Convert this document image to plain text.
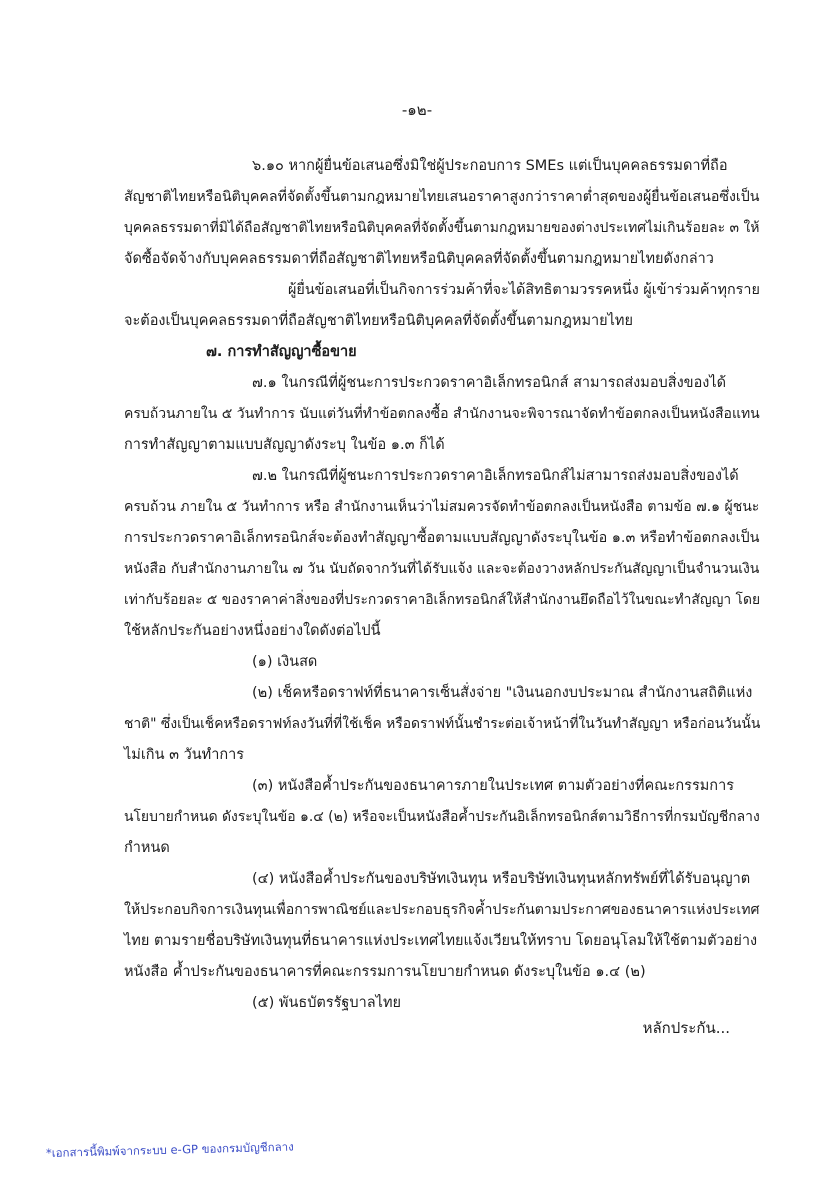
-๑๒-
๖.๑๐ หากผู้ยื่นข้อเสนอซึ่งมิใช่ผู้ประกอบการ SMEs แต่เป็นบุคคลธรรมดาที่ถือ
สัญชาติไทยหรือนิติบุคคลที่จัดตั้งขึ้นตามกฎหมายไทยเสนอราคาสูงกว่าราคาต่ำสุดของผู้ยื่นข้อเสนอซึ่งเป็น
บุคคลธรรมดาที่มิได้ถือสัญชาติไทยหรือนิติบุคคลที่จัดตั้งขึ้นตามกฎหมายของต่างประเทศไม่เกินร้อยละ ๓ ให้
จัดซื้อจัดจ้างกับบุคคลธรรมดาที่ถือสัญชาติไทยหรือนิติบุคคลที่จัดตั้งขึ้นตามกฎหมายไทยดังกล่าว
ผู้ยื่นข้อเสนอที่เป็นกิจการร่วมค้าที่จะได้สิทธิตามวรรคหนึ่ง ผู้เข้าร่วมค้าทุกราย
จะต้องเป็นบุคคลธรรมดาที่ถือสัญชาติไทยหรือนิติบุคคลที่จัดตั้งขึ้นตามกฎหมายไทย
๗. การทำสัญญาซื้อขาย
๗.๑ ในกรณีที่ผู้ชนะการประกวดราคาอิเล็กทรอนิกส์ สามารถส่งมอบสิ่งของได้
ครบถ้วนภายใน ๕ วันทำการ นับแต่วันที่ทำข้อตกลงซื้อ สำนักงานจะพิจารณาจัดทำข้อตกลงเป็นหนังสือแทน
การทำสัญญาตามแบบสัญญาดังระบุ ในข้อ ๑.๓ ก็ได้
๗.๒ ในกรณีที่ผู้ชนะการประกวดราคาอิเล็กทรอนิกส์ไม่สามารถส่งมอบสิ่งของได้
ครบถ้วน ภายใน ๕ วันทำการ หรือ สำนักงานเห็นว่าไม่สมควรจัดทำข้อตกลงเป็นหนังสือ ตามข้อ ๗.๑ ผู้ชนะ
การประกวดราคาอิเล็กทรอนิกส์จะต้องทำสัญญาซื้อตามแบบสัญญาดังระบุในข้อ ๑.๓ หรือทำข้อตกลงเป็น
หนังสือ กับสำนักงานภายใน ๗ วัน นับถัดจากวันที่ได้รับแจ้ง และจะต้องวางหลักประกันสัญญาเป็นจำนวนเงิน
เท่ากับร้อยละ ๕ ของราคาค่าสิ่งของที่ประกวดราคาอิเล็กทรอนิกส์ให้สำนักงานยึดถือไว้ในขณะทำสัญญา โดย
ใช้หลักประกันอย่างหนึ่งอย่างใดดังต่อไปนี้
(๑) เงินสด
(๒) เช็คหรือดราฟท์ที่ธนาคารเซ็นสั่งจ่าย "เงินนอกงบประมาณ สำนักงานสถิติแห่ง
ชาติ" ซึ่งเป็นเช็คหรือดราฟท์ลงวันที่ที่ใช้เช็ค หรือดราฟท์นั้นชำระต่อเจ้าหน้าที่ในวันทำสัญญา หรือก่อนวันนั้น
ไม่เกิน ๓ วันทำการ
(๓) หนังสือค้ำประกันของธนาคารภายในประเทศ ตามตัวอย่างที่คณะกรรมการ
นโยบายกำหนด ดังระบุในข้อ ๑.๔ (๒) หรือจะเป็นหนังสือค้ำประกันอิเล็กทรอนิกส์ตามวิธีการที่กรมบัญชีกลาง
กำหนด
(๔) หนังสือค้ำประกันของบริษัทเงินทุน หรือบริษัทเงินทุนหลักทรัพย์ที่ได้รับอนุญาต
ให้ประกอบกิจการเงินทุนเพื่อการพาณิชย์และประกอบธุรกิจค้ำประกันตามประกาศของธนาคารแห่งประเทศ
ไทย ตามรายชื่อบริษัทเงินทุนที่ธนาคารแห่งประเทศไทยแจ้งเวียนให้ทราบ โดยอนุโลมให้ใช้ตามตัวอย่าง
หนังสือ ค้ำประกันของธนาคารที่คณะกรรมการนโยบายกำหนด ดังระบุในข้อ ๑.๔ (๒)
(๕) พันธบัตรรัฐบาลไทย
หลักประกัน...
*เอกสารนี้พิมพ์จากระบบ e-GP ของกรมบัญชีกลาง
